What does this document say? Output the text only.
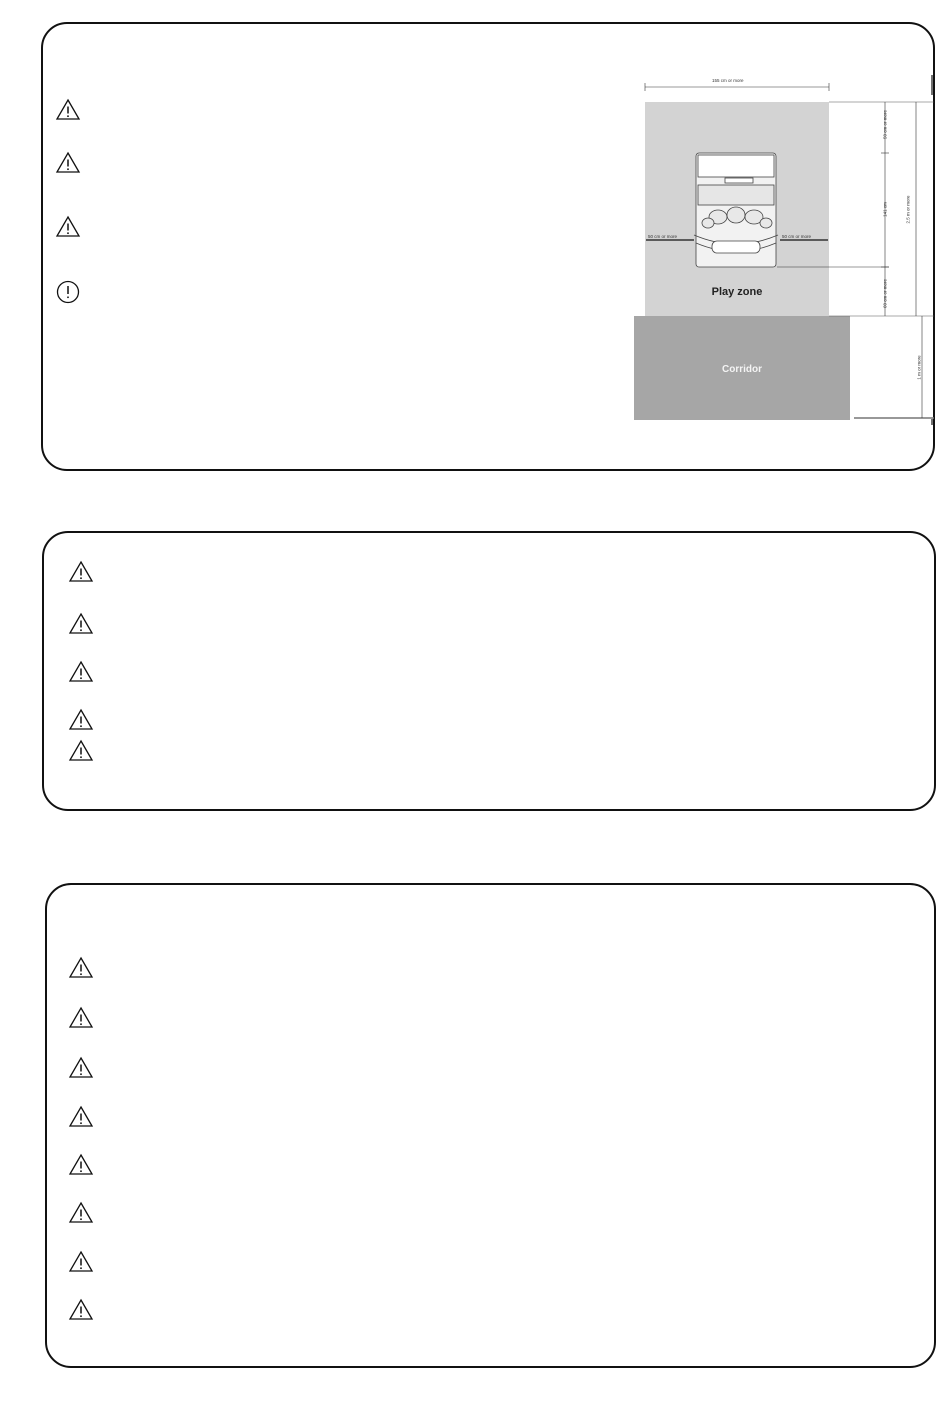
Play zone
Corridor
155 cm or more
50 cm or more	50 cm or more
50 cm or more
141 cm
60 cm or more
2.5 m or more
1 m or more
